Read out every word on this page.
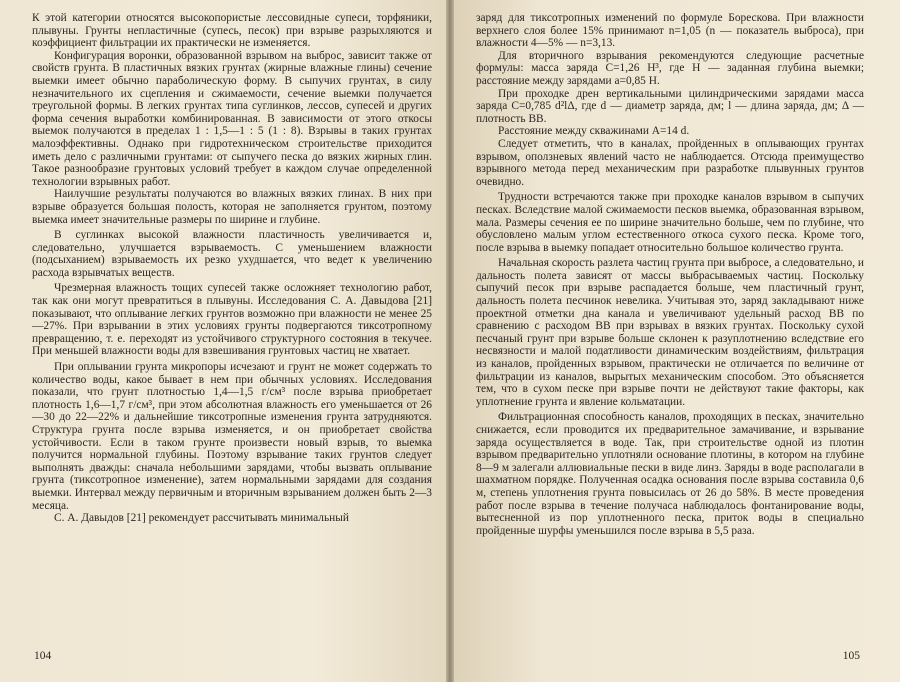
К этой категории относятся высокопористые лессовидные супеси, торфяники, плывуны. Грунты непластичные (супесь, песок) при взрыве разрыхляются и коэффициент фильтрации их практически не изменяется.

Конфигурация воронки, образованной взрывом на выброс, зависит также от свойств грунта. В пластичных вязких грунтах (жирные влажные глины) сечение выемки имеет обычно параболическую форму. В сыпучих грунтах, в силу незначительного их сцепления и сжимаемости, сечение выемки получается треугольной формы. В легких грунтах типа суглинков, лессов, супесей и других форма сечения выработки комбинированная. В зависимости от этого откосы выемок получаются в пределах 1 : 1,5—1 : 5 (1 : 8). Взрывы в таких грунтах малоэффективны. Однако при гидротехническом строительстве приходится иметь дело с различными грунтами: от сыпучего песка до вязких жирных глин. Такое разнообразие грунтовых условий требует в каждом случае определенной технологии взрывных работ.

Наилучшие результаты получаются во влажных вязких глинах. В них при взрыве образуется большая полость, которая не заполняется грунтом, поэтому выемка имеет значительные размеры по ширине и глубине.

В суглинках высокой влажности пластичность увеличивается и, следовательно, улучшается взрываемость. С уменьшением влажности (подсыханием) взрываемость их резко ухудшается, что ведет к увеличению расхода взрывчатых веществ.

Чрезмерная влажность тощих супесей также осложняет технологию работ, так как они могут превратиться в плывуны. Исследования С. А. Давыдова [21] показывают, что оплывание легких грунтов возможно при влажности не менее 25—27%. При взрывании в этих условиях грунты подвергаются тиксотропному превращению, т. е. переходят из устойчивого структурного состояния в текучее. При меньшей влажности воды для взвешивания грунтовых частиц не хватает.

При оплывании грунта микропоры исчезают и грунт не может содержать то количество воды, какое бывает в нем при обычных условиях. Исследования показали, что грунт плотностью 1,4—1,5 г/см³ после взрыва приобретает плотность 1,6—1,7 г/см³, при этом абсолютная влажность его уменьшается от 26—30 до 22—22% и дальнейшие тиксотропные изменения грунта затрудняются. Структура грунта после взрыва изменяется, и он приобретает свойства устойчивости. Если в таком грунте произвести новый взрыв, то выемка получится нормальной глубины. Поэтому взрывание таких грунтов следует выполнять дважды: сначала небольшими зарядами, чтобы вызвать оплывание грунта (тиксотропное изменение), затем нормальными зарядами для создания выемки. Интервал между первичным и вторичным взрыванием должен быть 2—3 месяца.

С. А. Давыдов [21] рекомендует рассчитывать минимальный

104

заряд для тиксотропных изменений по формуле Борескова. При влажности верхнего слоя более 15% принимают n=1,05 (n — показатель выброса), при влажности 4—5% — n=3,13.

Для вторичного взрывания рекомендуются следующие расчетные формулы: масса заряда C=1,26 H³, где H — заданная глубина выемки; расстояние между зарядами a=0,85 H.

При проходке дрен вертикальными цилиндрическими зарядами масса заряда C=0,785 d²lΔ, где d — диаметр заряда, дм; l — длина заряда, дм; Δ — плотность ВВ.

Расстояние между скважинами A=14 d.

Следует отметить, что в каналах, пройденных в оплывающих грунтах взрывом, оползневых явлений часто не наблюдается. Отсюда преимущество взрывного метода перед механическим при разработке плывунных грунтов очевидно.

Трудности встречаются также при проходке каналов взрывом в сыпучих песках. Вследствие малой сжимаемости песков выемка, образованная взрывом, мала. Размеры сечения ее по ширине значительно больше, чем по глубине, что обусловлено малым углом естественного откоса сухого песка. Кроме того, после взрыва в выемку попадает относительно большое количество грунта.

Начальная скорость разлета частиц грунта при выбросе, а следовательно, и дальность полета зависят от массы выбрасываемых частиц. Поскольку сыпучий песок при взрыве распадается больше, чем пластичный грунт, дальность полета песчинок невелика. Учитывая это, заряд закладывают ниже проектной отметки дна канала и увеличивают удельный расход ВВ по сравнению с расходом ВВ при взрывах в вязких грунтах. Поскольку сухой песчаный грунт при взрыве больше склонен к разуплотнению вследствие его несвязности и малой податливости динамическим воздействиям, фильтрация из каналов, пройденных взрывом, практически не отличается по величине от фильтрации из каналов, вырытых механическим способом. Это объясняется тем, что в сухом песке при взрыве почти не действуют такие факторы, как уплотнение грунта и явление кольматации.

Фильтрационная способность каналов, проходящих в песках, значительно снижается, если проводится их предварительное замачивание, и взрывание заряда осуществляется в воде. Так, при строительстве одной из плотин взрывом предварительно уплотняли основание плотины, в котором на глубине 8—9 м залегали аллювиальные пески в виде линз. Заряды в воде располагали в шахматном порядке. Полученная осадка основания после взрыва составила 0,6 м, степень уплотнения грунта повысилась от 26 до 58%. В месте проведения работ после взрыва в течение получаса наблюдалось фонтанирование воды, вытесненной из пор уплотненного песка, приток воды в специально пройденные шурфы уменьшился после взрыва в 5,5 раза.

105
